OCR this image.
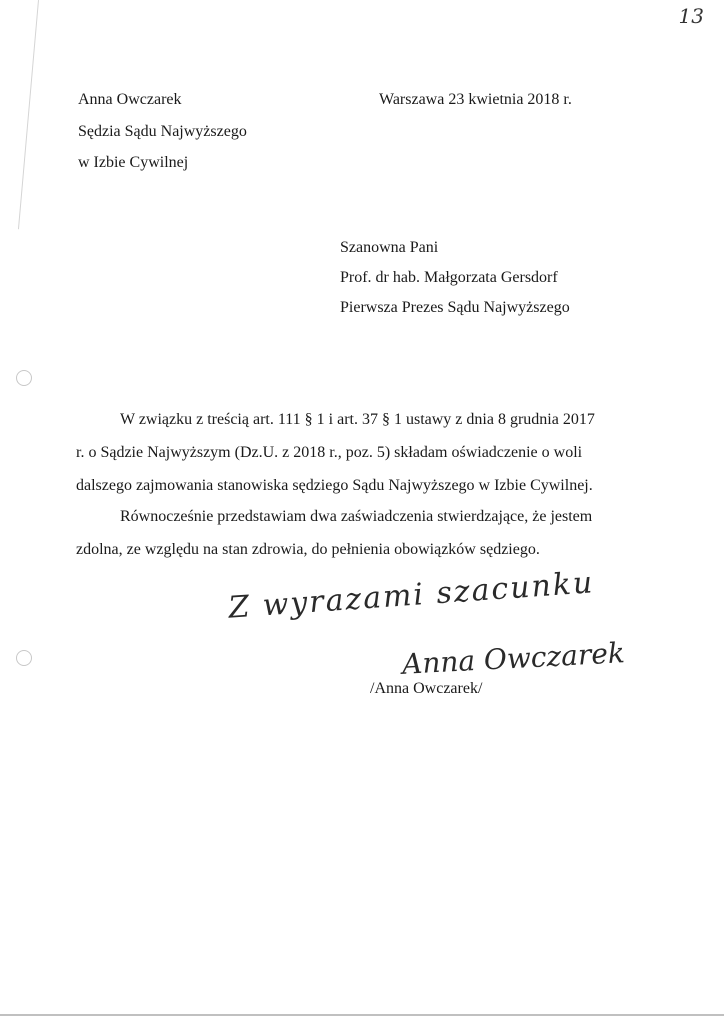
13
Anna Owczarek
Sędzia Sądu Najwyższego
w Izbie Cywilnej
Warszawa 23 kwietnia 2018 r.
Szanowna Pani
Prof. dr hab. Małgorzata Gersdorf
Pierwsza Prezes Sądu Najwyższego
W związku z treścią art. 111 § 1 i art. 37 § 1 ustawy z dnia 8 grudnia 2017
r. o Sądzie Najwyższym (Dz.U. z 2018 r., poz. 5) składam oświadczenie o woli
dalszego zajmowania stanowiska sędziego Sądu Najwyższego w Izbie Cywilnej.
Równocześnie przedstawiam dwa zaświadczenia stwierdzające, że jestem
zdolna, ze względu na stan zdrowia, do pełnienia obowiązków sędziego.
Z wyrazami szacunku
Anna Owczarek
/Anna Owczarek/
